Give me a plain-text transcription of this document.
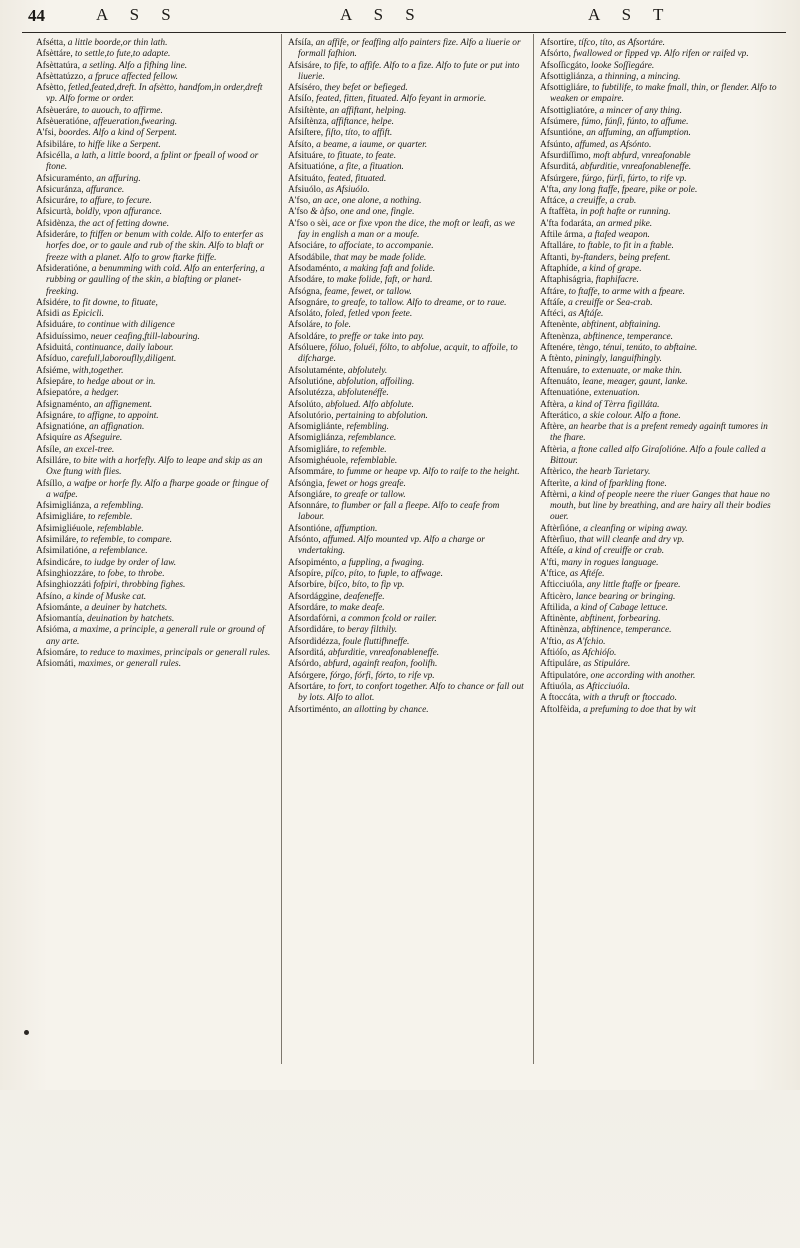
44	A S S	A S S	A S T

Afsétta, a little boorde,or thin lath.

Afsèttáre, to settle,to fute,to adapte.

Afsèttatúra, a setling. Alfo a fifhing line.

Afsèttatúzzo, a fpruce affected fellow.

Afsètto, fetled,feated,dreft. In afsètto, handfom,in order,dreft vp. Alfo forme or order.

Afsèueráre, to auouch, to affirme.

Afsèueratióne, affeueration,fwearing.

A'fsi, boordes. Alfo a kind of Serpent.

Afsibiláre, to hiffe like a Serpent.

Afsicélla, a lath, a little boord, a fplint or fpeall of wood or ftone.

Afsicuraménto, an affuring.

Afsicuránza, affurance.

Afsicuráre, to affure, to fecure.

Afsicurtà, boldly, vpon affurance.

Afsidènza, the act of fetting downe.

Afsideráre, to ftiffen or benum with colde. Alfo to enterfer as horfes doe, or to gaule and rub of the skin. Alfo to blaft or freeze with a planet. Alfo to grow ftarke ftiffe.

Afsideratióne, a benumming with cold. Alfo an enterfering, a rubbing or gaulling of the skin, a blafting or planet-freeking.

Afsidére, to fit downe, to fituate,

Afsidi as Epicicli.

Afsiduáre, to continue with diligence

Afsiduíssimo, neuer ceafing,ftill-labouring.

Afsiduitá, continuance, daily labour.

Afsíduo, carefull,laborouflly,diligent.

Afsiéme, with,together.

Afsiepáre, to hedge about or in.

Afsiepatóre, a hedger.

Afsignaménto, an affignement.

Afsignáre, to affigne, to appoint.

Afsignatióne, an affignation.

Afsiquíre as Afseguire.

Afsíle, an excel-tree.

Afsilláre, to bite with a horfefly. Alfo to leape and skip as an Oxe ftung with flies.

Afsíllo, a wafpe or horfe fly. Alfo a fharpe goade or ftingue of a wafpe.

Afsimigliánza, a refembling.

Afsimigliáre, to refemble.

Afsimigliéuole, refemblable.

Afsimiláre, to refemble, to compare.

Afsimilatióne, a refemblance.

Afsindicáre, to iudge by order of law.

Afsinghiozzáre, to fobe, to throbe.

Afsinghiozzáti fofpiri, throbbing fighes.

Afsíno, a kinde of Muske cat.

Afsiománte, a deuiner by hatchets.

Afsiomantía, deuination by hatchets.

Afsióma, a maxime, a principle, a generall rule or ground of any arte.

Afsiomáre, to reduce to maximes, principals or generall rules.

Afsiomáti, maximes, or generall rules.

Afsíſa, an affife, or feaffing alfo painters fize. Alfo a liuerie or formall fafhion.

Afsisáre, to fife, to affife. Alfo to a fize. Alfo to fute or put into liuerie.

Afsíséro, they befet or befieged.

Afsíſo, feated, fitten, fituated. Alfo feyant in armorie.

Afsiſtènte, an affiftant, helping.

Afsiſtènza, affiftance, helpe.

Afsiſtere, fiſto, títo, to affift.

Afsíto, a beame, a iaume, or quarter.

Afsituáre, to fituate, to feate.

Afsituatióne, a fite, a fituation.

Afsituáto, feated, fituated.

Afsiuólo, as Afsiuólo.

A'fso, an ace, one alone, a nothing.

A'fso & àfso, one and one, fingle.

A'fso o sèi, ace or fixe vpon the dice, the moft or leaft, as we fay in english a man or a moufe.

Afsociáre, to affociate, to accompanie.

Afsodábile, that may be made folide.

Afsodaménto, a making faft and folide.

Afsodáre, to make folide, faft, or hard.

Afsógna, feame, fewet, or tallow.

Afsognáre, to greafe, to tallow. Alfo to dreame, or to raue.

Afsoláto, foled, fetled vpon feete.

Afsoláre, to fole.

Afsoldáre, to preffe or take into pay.

Afsóluere, fóluo, foluéi, fólto, to abfolue, acquit, to affoile, to difcharge.

Afsolutaménte, abfolutely.

Afsolutióne, abfolution, affoiling.

Afsolutézza, abfolutenéffe.

Afsolúto, abfolued. Alfo abfolute.

Afsolutório, pertaining to abfolution.

Afsomigliánte, refembling.

Afsomigliánza, refemblance.

Afsomigliáre, to refemble.

Afsomighéuole, refemblable.

Afsommáre, to fumme or heape vp. Alfo to raife to the height.

Afsóngia, fewet or hogs greafe.

Afsongiáre, to greafe or tallow.

Afsonnáre, to flumber or fall a fleepe. Alfo to ceafe from labour.

Afsontióne, affumption.

Afsónto, affumed. Alfo mounted vp. Alfo a charge or vndertaking.

Afsopiménto, a fuppling, a fwaging.

Afsopíre, píſco, píto, to fuple, to affwage.

Afsorbíre, bíſco, bíto, to fip vp.

Afsordággine, deafeneffe.

Afsordáre, to make deafe.

Afsordafórni, a common fcold or railer.

Afsordidáre, to beray filthily.

Afsordidézza, foule fluttifhneffe.

Afsorditá, abfurditie, vnreafonableneffe.

Afsórdo, abfurd, againft reafon, foolifh.

Afsórgere, fórgo, fórfi, fórto, to rife vp.

Afsortáre, to fort, to confort together. Alfo to chance or fall out by lots. Alfo to allot.

Afsortiménto, an allotting by chance.

Afsortíre, tífco, títo, as Afsortáre.

Afsórto, fwallowed or fipped vp. Alfo rifen or raifed vp.

Afsoſſicgáto, looke Soſſiegáre.

Afsottigliánza, a thinning, a mincing.

Afsottigliáre, to fubtilife, to make fmall, thin, or flender. Alfo to weaken or empaire.

Afsottigliatóre, a mincer of any thing.

Afsúmere, fúmo, fúnſi, fúnto, to affume.

Afsuntióne, an affuming, an affumption.

Afsúnto, affumed, as Afsónto.

Afsurdiſſimo, moft abfurd, vnreafonable

Afsurditá, abfurditie, vnreafonableneffe.

Afsúrgere, fúrgo, fúrſi, fúrto, to rife vp.

A'fta, any long ftaffe, fpeare, pike or pole.

Aftáce, a creuiffe, a crab.

A ftaffèta, in poft hafte or running.

A'fta fodaráta, an armed pike.

Aftile árma, a ftafed weapon.

Aftalláre, to ftable, to fit in a ftable.

Aftanti, by-ftanders, being prefent.

Aftaphíde, a kind of grape.

Aftaphiságria, ftaphifacre.

Aftáre, to ftaffe, to arme with a fpeare.

Aftáſe, a creuiffe or Sea-crab.

Aftéci, as Aftáſe.

Aftenènte, abftinent, abftaining.

Aftenènza, abftinence, temperance.

Aftenére, tèngo, ténui, tenúto, to abftaine.

A ftènto, piningly, languifhingly.

Aftenuáre, to extenuate, or make thin.

Aftenuáto, leane, meager, gaunt, lanke.

Aftenuatióne, extenuation.

Aftèra, a kind of Tèrra figilláta.

Afterático, a skie colour. Alfo a ftone.

Aftère, an hearbe that is a prefent remedy againft tumores in the fhare.

Aftèria, a ftone called alfo Giraſolióne. Alfo a foule called a Bittour.

Aftèrico, the hearb Tarietary.

Afterìte, a kind of fparkling ftone.

Aftèrni, a kind of people neere the riuer Ganges that haue no mouth, but line by breathing, and are hairy all their bodies ouer.

Aftèrſióne, a cleanfing or wiping away.

Aftèrſiuo, that will cleanfe and dry vp.

Aftéſe, a kind of creuiffe or crab.

A'fti, many in rogues language.

A'ftice, as Aftéſe.

Afticciuóla, any little ftaffe or fpeare.

Afticèro, lance bearing or bringing.

Aftilida, a kind of Cabage lettuce.

Aftinènte, abftinent, forbearing.

Aftinènza, abftinence, temperance.

A'ftio, as A'fchio.

Aftióſo, as Afchióſo.

Aftipuláre, as Stipuláre.

Aftipulatóre, one according with another.

Aftiuóla, as Afticciuóla.

A ftoccáta, with a thruft or ftoccado.

Aftolfèida, a prefuming to doe that by wit
